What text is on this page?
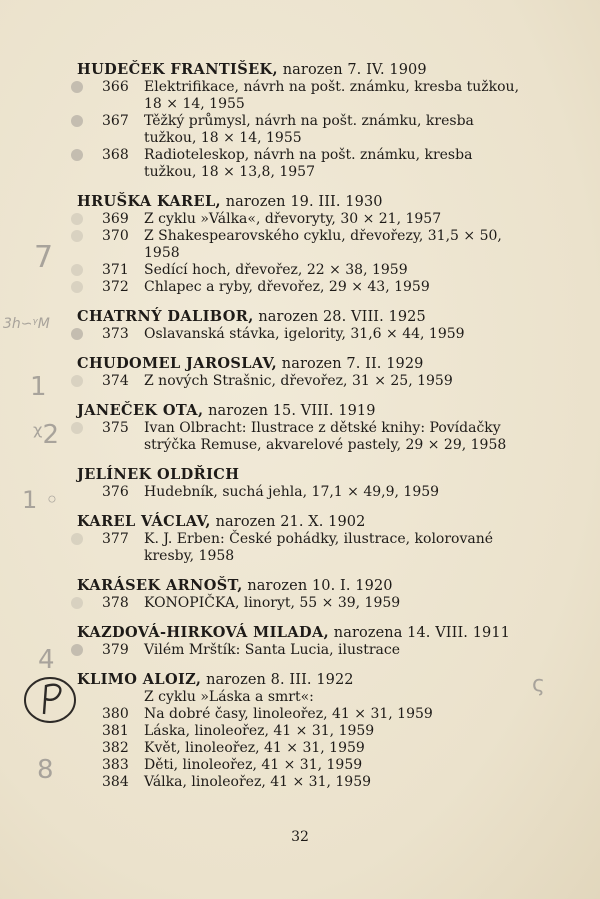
7
3h∽ᵞM
1
ᵡ2
1 ◦
4
8
ς
HUDEČEK FRANTIŠEK, narozen 7. IV. 1909
366 Elektrifikace, návrh na pošt. známku, kresba tužkou, 18 × 14, 1955
367 Těžký průmysl, návrh na pošt. známku, kresba tužkou, 18 × 14, 1955
368 Radioteleskop, návrh na pošt. známku, kresba tužkou, 18 × 13,8, 1957
HRUŠKA KAREL, narozen 19. III. 1930
369 Z cyklu »Válka«, dřevoryty, 30 × 21, 1957
370 Z Shakespearovského cyklu, dřevořezy, 31,5 × 50, 1958
371 Sedící hoch, dřevořez, 22 × 38, 1959
372 Chlapec a ryby, dřevořez, 29 × 43, 1959
CHATRNÝ DALIBOR, narozen 28. VIII. 1925
373 Oslavanská stávka, igelority, 31,6 × 44, 1959
CHUDOMEL JAROSLAV, narozen 7. II. 1929
374 Z nových Strašnic, dřevořez, 31 × 25, 1959
JANEČEK OTA, narozen 15. VIII. 1919
375 Ivan Olbracht: Ilustrace z dětské knihy: Povídačky strýčka Remuse, akvarelové pastely, 29 × 29, 1958
JELÍNEK OLDŘICH
376 Hudebník, suchá jehla, 17,1 × 49,9, 1959
KAREL VÁCLAV, narozen 21. X. 1902
377 K. J. Erben: České pohádky, ilustrace, kolorované kresby, 1958
KARÁSEK ARNOŠT, narozen 10. I. 1920
378 KONOPIČKA, linoryt, 55 × 39, 1959
KAZDOVÁ-HIRKOVÁ MILADA, narozena 14. VIII. 1911
379 Vilém Mrštík: Santa Lucia, ilustrace
KLIMO ALOIZ, narozen 8. III. 1922
Z cyklu »Láska a smrt«:
380 Na dobré časy, linoleořez, 41 × 31, 1959
381 Láska, linoleořez, 41 × 31, 1959
382 Květ, linoleořez, 41 × 31, 1959
383 Děti, linoleořez, 41 × 31, 1959
384 Válka, linoleořez, 41 × 31, 1959
32
